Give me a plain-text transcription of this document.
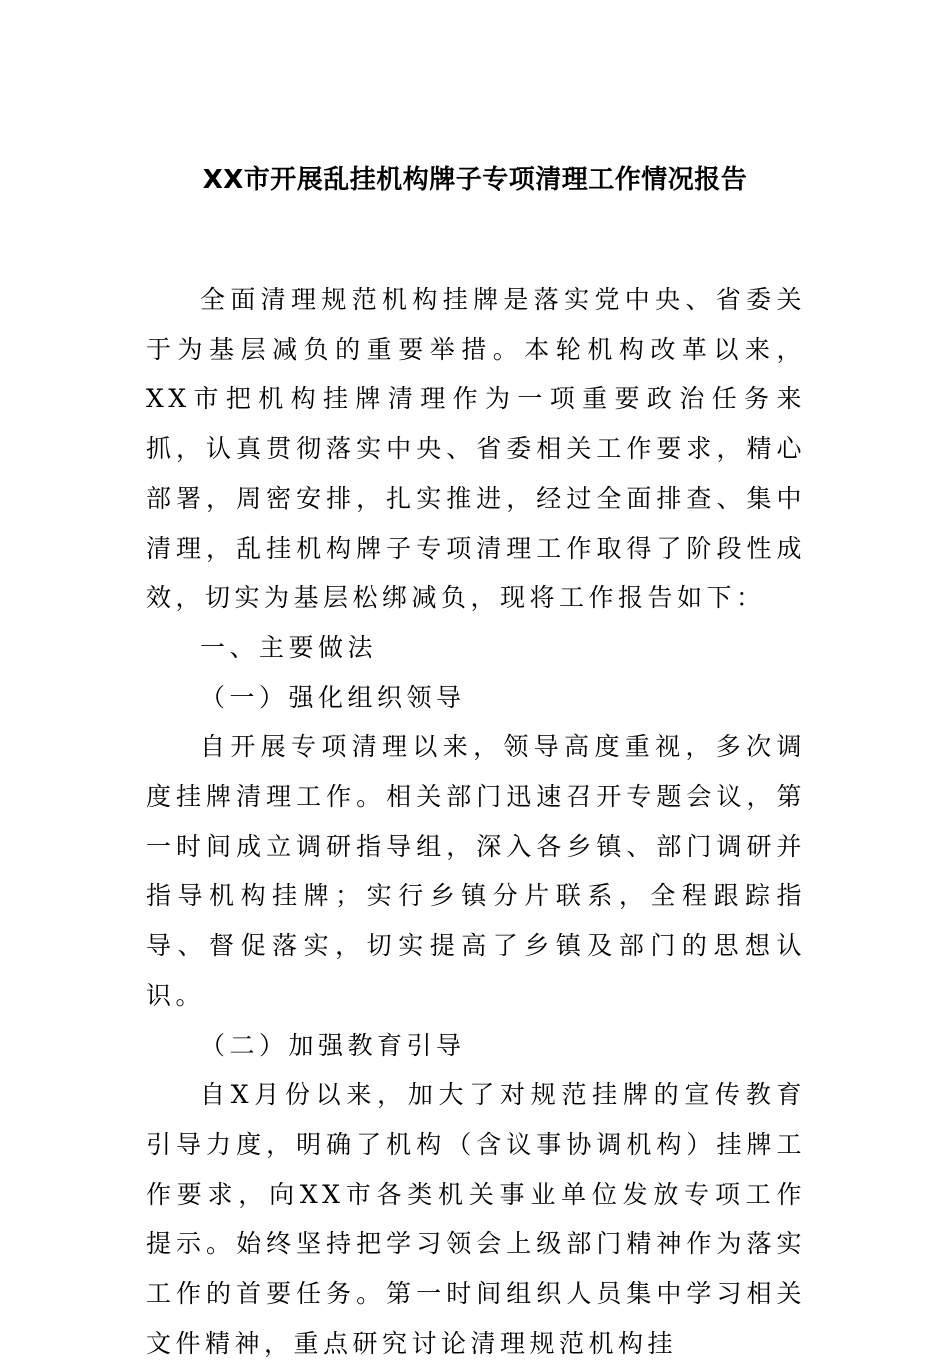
XX市开展乱挂机构牌子专项清理工作情况报告

全面清理规范机构挂牌是落实党中央、省委关于为基层减负的重要举措。本轮机构改革以来，XX市把机构挂牌清理作为一项重要政治任务来抓，认真贯彻落实中央、省委相关工作要求，精心部署，周密安排，扎实推进，经过全面排查、集中清理，乱挂机构牌子专项清理工作取得了阶段性成效，切实为基层松绑减负，现将工作报告如下：

一、主要做法

（一）强化组织领导

自开展专项清理以来，领导高度重视，多次调度挂牌清理工作。相关部门迅速召开专题会议，第一时间成立调研指导组，深入各乡镇、部门调研并指导机构挂牌；实行乡镇分片联系，全程跟踪指导、督促落实，切实提高了乡镇及部门的思想认识。

（二）加强教育引导

自X月份以来，加大了对规范挂牌的宣传教育引导力度，明确了机构（含议事协调机构）挂牌工作要求，向XX市各类机关事业单位发放专项工作提示。始终坚持把学习领会上级部门精神作为落实工作的首要任务。第一时间组织人员集中学习相关文件精神，重点研究讨论清理规范机构挂
